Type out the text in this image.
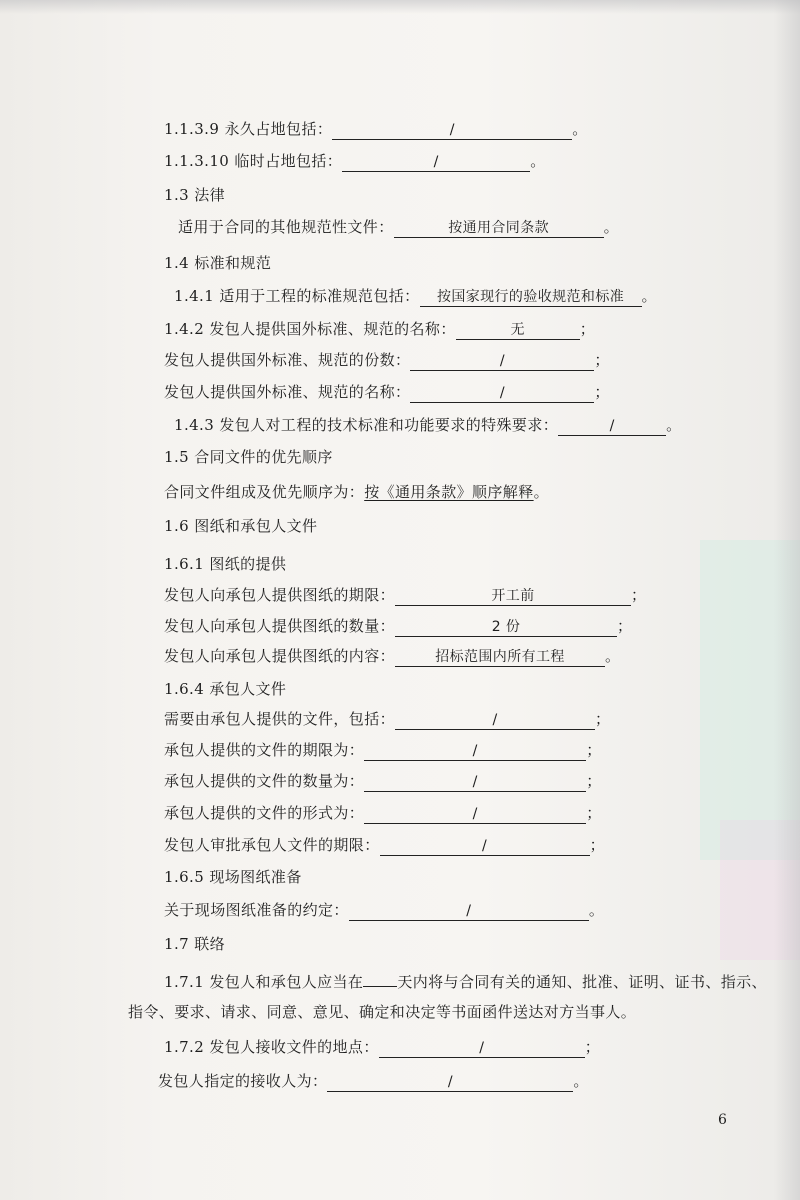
1.1.3.9 永久占地包括：	/	。
1.1.3.10 临时占地包括：	/	。
1.3 法律
适用于合同的其他规范性文件：	按通用合同条款	。
1.4 标准和规范
1.4.1 适用于工程的标准规范包括： 按国家现行的验收规范和标准 。
1.4.2 发包人提供国外标准、规范的名称：	无	；
发包人提供国外标准、规范的份数：	/	；
发包人提供国外标准、规范的名称：	/	；
1.4.3 发包人对工程的技术标准和功能要求的特殊要求：	/	。
1.5 合同文件的优先顺序
合同文件组成及优先顺序为：按《通用条款》顺序解释。
1.6 图纸和承包人文件
1.6.1 图纸的提供
发包人向承包人提供图纸的期限：	开工前	；
发包人向承包人提供图纸的数量：	2 份	；
发包人向承包人提供图纸的内容：	招标范围内所有工程	。
1.6.4 承包人文件
需要由承包人提供的文件，包括：	/	；
承包人提供的文件的期限为：	/	；
承包人提供的文件的数量为：	/	；
承包人提供的文件的形式为：	/	；
发包人审批承包人文件的期限：	/	；
1.6.5 现场图纸准备
关于现场图纸准备的约定：	/	。
1.7 联络
1.7.1 发包人和承包人应当在 天内将与合同有关的通知、批准、证明、证书、指示、
指令、要求、请求、同意、意见、确定和决定等书面函件送达对方当事人。
1.7.2 发包人接收文件的地点：	/	；
发包人指定的接收人为：	/	。
6
